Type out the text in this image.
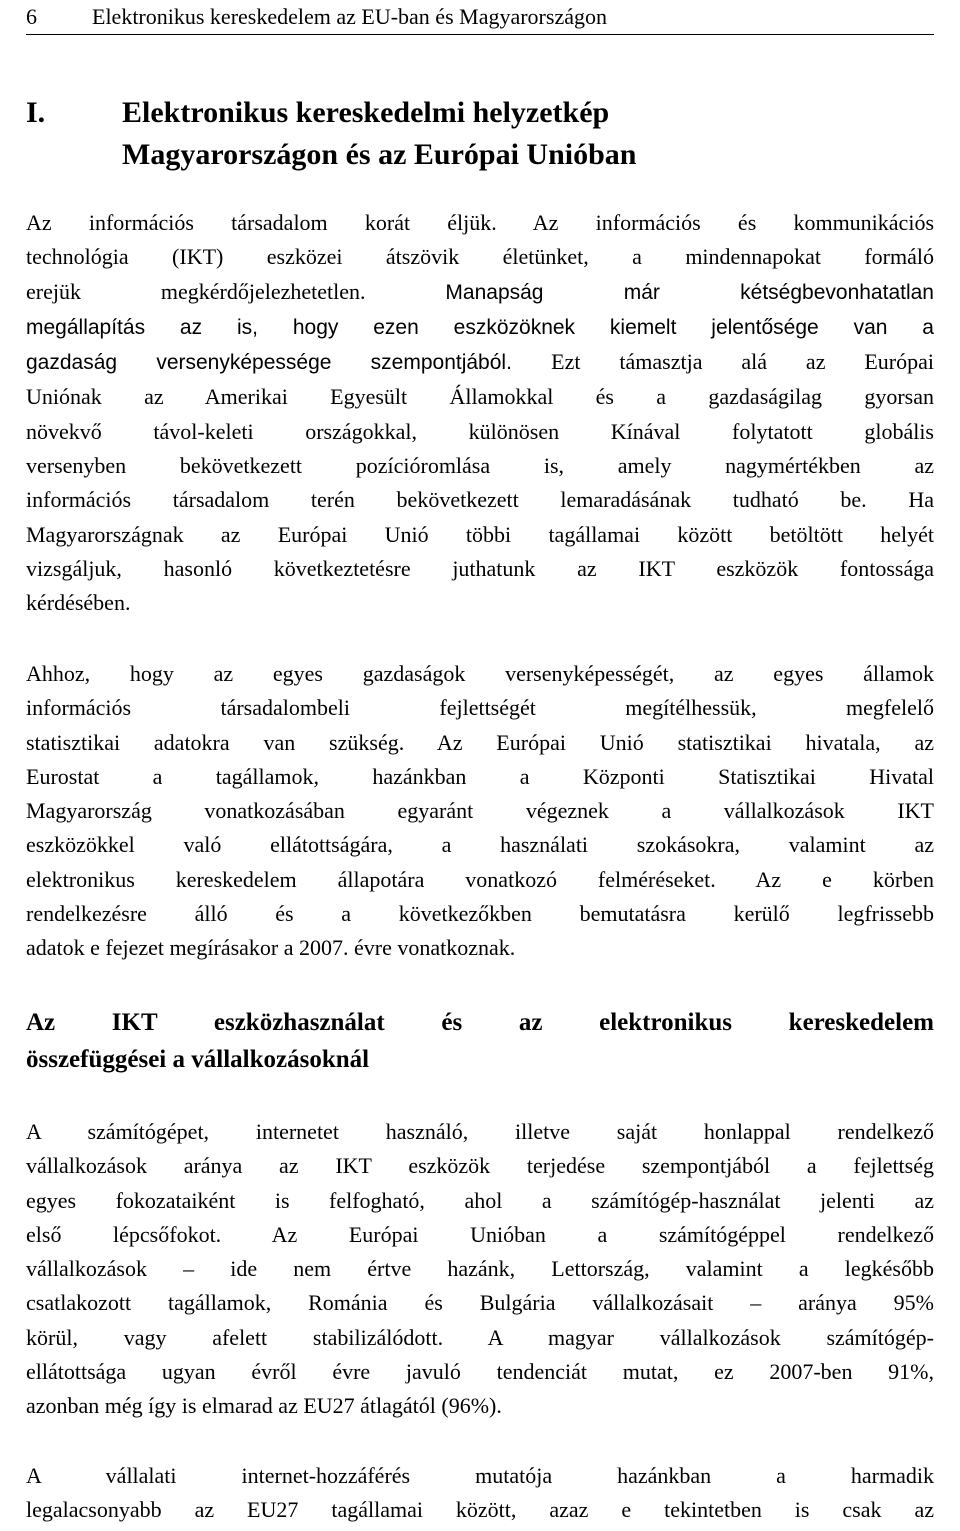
6	Elektronikus kereskedelem az EU-ban és Magyarországon
I.	Elektronikus kereskedelmi helyzetkép
Magyarországon és az Európai Unióban
Az információs társadalom korát éljük. Az információs és kommunikációs
technológia (IKT) eszközei átszövik életünket, a mindennapokat formáló
erejük megkérdőjelezhetetlen. Manapság már kétségbevonhatatlan
megállapítás az is, hogy ezen eszközöknek kiemelt jelentősége van a
gazdaság versenyképessége szempontjából. Ezt támasztja alá az Európai
Uniónak az Amerikai Egyesült Államokkal és a gazdaságilag gyorsan
növekvő távol-keleti országokkal, különösen Kínával folytatott globális
versenyben bekövetkezett pozícióromlása is, amely nagymértékben az
információs társadalom terén bekövetkezett lemaradásának tudható be. Ha
Magyarországnak az Európai Unió többi tagállamai között betöltött helyét
vizsgáljuk, hasonló következtetésre juthatunk az IKT eszközök fontossága
kérdésében.
Ahhoz, hogy az egyes gazdaságok versenyképességét, az egyes államok
információs társadalombeli fejlettségét megítélhessük, megfelelő
statisztikai adatokra van szükség. Az Európai Unió statisztikai hivatala, az
Eurostat a tagállamok, hazánkban a Központi Statisztikai Hivatal
Magyarország vonatkozásában egyaránt végeznek a vállalkozások IKT
eszközökkel való ellátottságára, a használati szokásokra, valamint az
elektronikus kereskedelem állapotára vonatkozó felméréseket. Az e körben
rendelkezésre álló és a következőkben bemutatásra kerülő legfrissebb
adatok e fejezet megírásakor a 2007. évre vonatkoznak.
Az IKT eszközhasználat és az elektronikus kereskedelem
összefüggései a vállalkozásoknál
A számítógépet, internetet használó, illetve saját honlappal rendelkező
vállalkozások aránya az IKT eszközök terjedése szempontjából a fejlettség
egyes fokozataiként is felfogható, ahol a számítógép-használat jelenti az
első lépcsőfokot. Az Európai Unióban a számítógéppel rendelkező
vállalkozások – ide nem értve hazánk, Lettország, valamint a legkésőbb
csatlakozott tagállamok, Románia és Bulgária vállalkozásait – aránya 95%
körül, vagy afelett stabilizálódott. A magyar vállalkozások számítógép-
ellátottsága ugyan évről évre javuló tendenciát mutat, ez 2007-ben 91%,
azonban még így is elmarad az EU27 átlagától (96%).
A vállalati internet-hozzáférés mutatója hazánkban a harmadik
legalacsonyabb az EU27 tagállamai között, azaz e tekintetben is csak az
